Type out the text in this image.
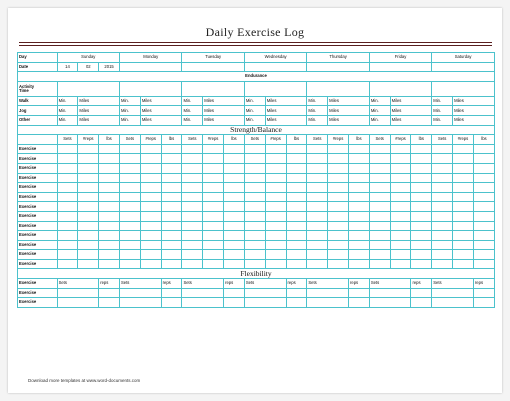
Daily Exercise Log
Day	Sunday			Monday			Tuesday			Wednesday			Thursday			Friday			Saturday		
Date	14	02	2015																		
Endurance																					

Activity
Time																					

Walk	Min.	Miles		Min.	Miles		Min.	Miles		Min.	Miles		Min.	Miles		Min.	Miles		Min.	Miles	
Jog	Min.	Miles		Min.	Miles		Min.	Miles		Min.	Miles		Min.	Miles		Min.	Miles		Min.	Miles	
Other	Min.	Miles		Min.	Miles		Min.	Miles		Min.	Miles		Min.	Miles		Min.	Miles		Min.	Miles	
Strength/Balance																					
	Sets	#reps	lbs	Sets	#reps	lbs	Sets	#reps	lbs	Sets	#reps	lbs	Sets	#reps	lbs	Sets	#reps	lbs	Sets	#reps	lbs
Exercise																					
Exercise																					
Exercise																					
Exercise																					
Exercise																					
Exercise																					
Exercise																					
Exercise																					
Exercise																					
Exercise																					
Exercise																					
Exercise																					
Exercise																					
Flexibility																					
Exercise	Sets		reps	Sets		reps	Sets		reps	Sets		reps	Sets		reps	Sets		reps	Sets		reps
Exercise																					
Exercise																					
Download more templates at www.word-documents.com
